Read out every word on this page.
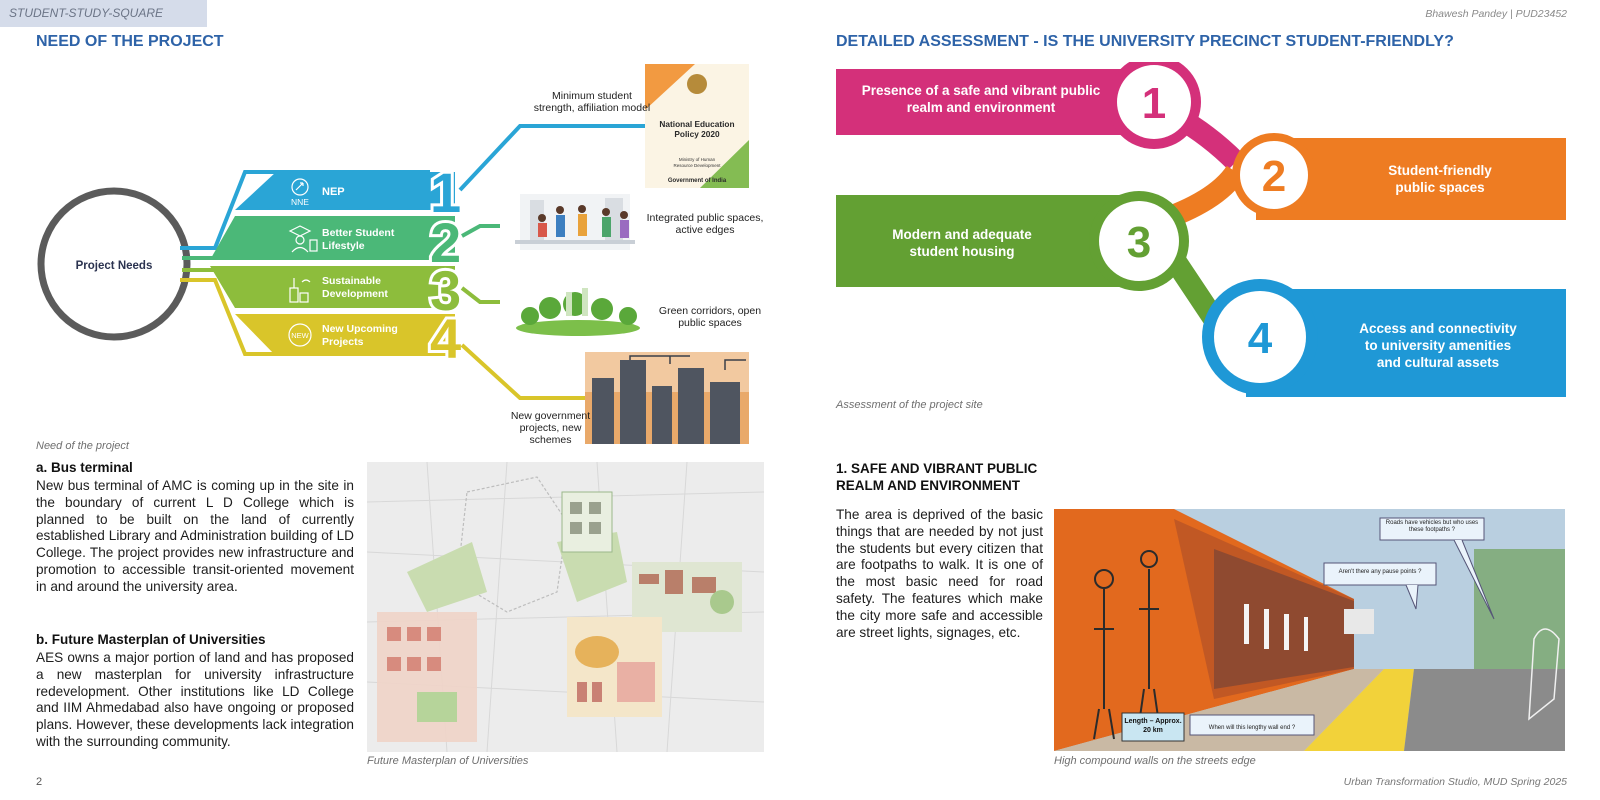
STUDENT-STUDY-SQUARE	Bhawesh Pandey | PUD23452
NEED OF THE PROJECT
Project Needs
NNE
NEW
NEP
Better Student
Lifestyle
Sustainable
Development
New Upcoming
Projects
1
2
3
4
National Education
Policy 2020
Ministry of Human
Resource Development
Government of India
Minimum student strength, affiliation model
Integrated public spaces, active edges
Green corridors, open public spaces
New government projects, new schemes
Need of the project
a. Bus terminal
New bus terminal of AMC is coming up in the site in the boundary of current L D College which is planned to be built on the land of currently established Library and Administration building of LD College. The project provides new infrastructure and promotion to accessible transit-oriented movement in and around the university area.
b. Future Masterplan of Universities
AES owns a major portion of land and has proposed a new masterplan for university infrastructure redevelopment. Other institutions like LD College and IIM Ahmedabad also have ongoing or proposed plans. However, these developments lack integration with the surrounding community.
Future Masterplan of Universities
2
DETAILED ASSESSMENT - IS THE UNIVERSITY PRECINCT STUDENT-FRIENDLY?
1
2
3
4
Presence of a safe and vibrant public
realm and environment
Student-friendly
public spaces
Modern and adequate
student housing
Access and connectivity
to university amenities
and cultural assets
Assessment of the project site
1. SAFE AND VIBRANT PUBLIC REALM AND ENVIRONMENT
The area is deprived of the basic things that are needed by not just the students but every citizen that are footpaths to walk. It is one of the most basic need for road safety. The features which make the city more safe and accessible are street lights, signages, etc.
Roads have vehicles but who uses these footpaths ?
Aren't there any pause points ?
When will this lengthy wall end ?
Length – Approx. 20 km
High compound walls on the streets edge
Urban Transformation Studio, MUD Spring 2025
